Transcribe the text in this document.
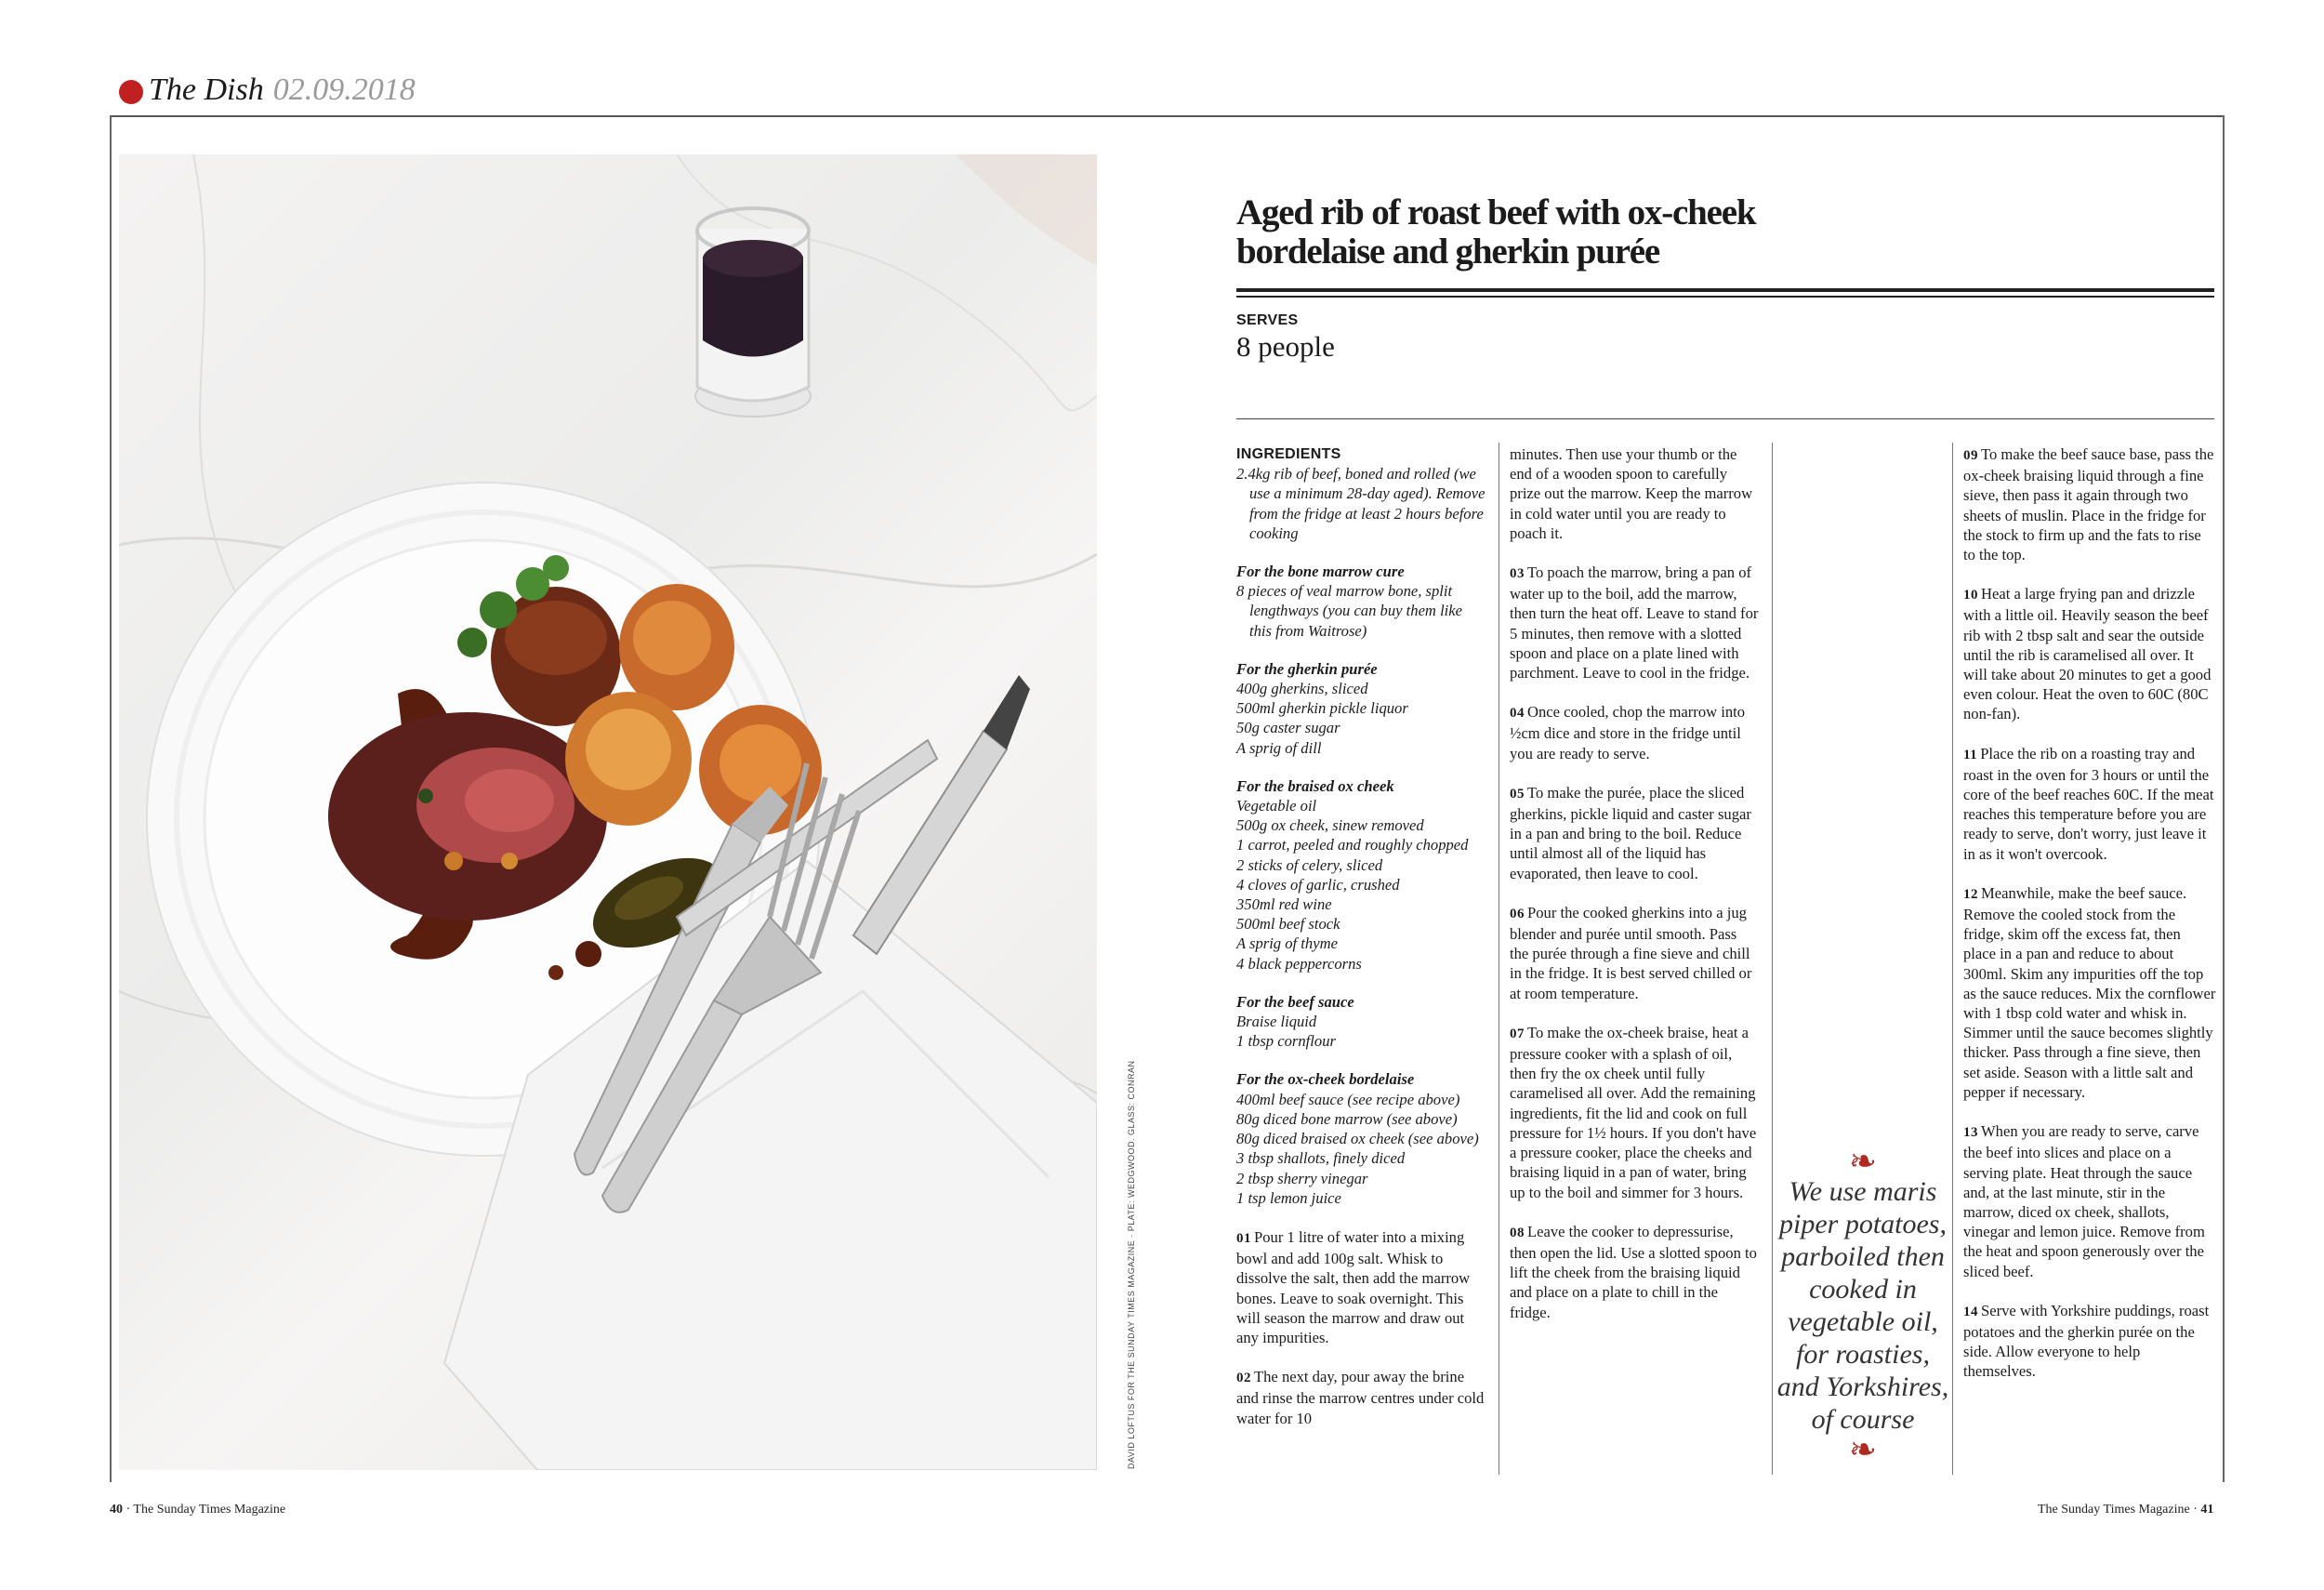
The Dish 02.09.2018
DAVID LOFTUS FOR THE SUNDAY TIMES MAGAZINE · PLATE: WEDGWOOD. GLASS: CONRAN
Aged rib of roast beef with ox-cheek bordelaise and gherkin purée
SERVES
8 people
INGREDIENTS
2.4kg rib of beef, boned and rolled (we use a minimum 28-day aged). Remove from the fridge at least 2 hours before cooking
For the bone marrow cure
8 pieces of veal marrow bone, split lengthways (you can buy them like this from Waitrose)
For the gherkin purée
400g gherkins, sliced
500ml gherkin pickle liquor
50g caster sugar
A sprig of dill
For the braised ox cheek
Vegetable oil
500g ox cheek, sinew removed
1 carrot, peeled and roughly chopped
2 sticks of celery, sliced
4 cloves of garlic, crushed
350ml red wine
500ml beef stock
A sprig of thyme
4 black peppercorns
For the beef sauce
Braise liquid
1 tbsp cornflour
For the ox-cheek bordelaise
400ml beef sauce (see recipe above)
80g diced bone marrow (see above)
80g diced braised ox cheek (see above)
3 tbsp shallots, finely diced
2 tbsp sherry vinegar
1 tsp lemon juice
01 Pour 1 litre of water into a mixing bowl and add 100g salt. Whisk to dissolve the salt, then add the marrow bones. Leave to soak overnight. This will season the marrow and draw out any impurities.
02 The next day, pour away the brine and rinse the marrow centres under cold water for 10
minutes. Then use your thumb or the end of a wooden spoon to carefully prize out the marrow. Keep the marrow in cold water until you are ready to poach it.
03 To poach the marrow, bring a pan of water up to the boil, add the marrow, then turn the heat off. Leave to stand for 5 minutes, then remove with a slotted spoon and place on a plate lined with parchment. Leave to cool in the fridge.
04 Once cooled, chop the marrow into ½cm dice and store in the fridge until you are ready to serve.
05 To make the purée, place the sliced gherkins, pickle liquid and caster sugar in a pan and bring to the boil. Reduce until almost all of the liquid has evaporated, then leave to cool.
06 Pour the cooked gherkins into a jug blender and purée until smooth. Pass the purée through a fine sieve and chill in the fridge. It is best served chilled or at room temperature.
07 To make the ox-cheek braise, heat a pressure cooker with a splash of oil, then fry the ox cheek until fully caramelised all over. Add the remaining ingredients, fit the lid and cook on full pressure for 1½ hours. If you don't have a pressure cooker, place the cheeks and braising liquid in a pan of water, bring up to the boil and simmer for 3 hours.
08 Leave the cooker to depressurise, then open the lid. Use a slotted spoon to lift the cheek from the braising liquid and place on a plate to chill in the fridge.
❧
We use maris piper potatoes, parboiled then cooked in vegetable oil, for roasties, and Yorkshires, of course
❧
09 To make the beef sauce base, pass the ox-cheek braising liquid through a fine sieve, then pass it again through two sheets of muslin. Place in the fridge for the stock to firm up and the fats to rise to the top.
10 Heat a large frying pan and drizzle with a little oil. Heavily season the beef rib with 2 tbsp salt and sear the outside until the rib is caramelised all over. It will take about 20 minutes to get a good even colour. Heat the oven to 60C (80C non-fan).
11 Place the rib on a roasting tray and roast in the oven for 3 hours or until the core of the beef reaches 60C. If the meat reaches this temperature before you are ready to serve, don't worry, just leave it in as it won't overcook.
12 Meanwhile, make the beef sauce. Remove the cooled stock from the fridge, skim off the excess fat, then place in a pan and reduce to about 300ml. Skim any impurities off the top as the sauce reduces. Mix the cornflower with 1 tbsp cold water and whisk in. Simmer until the sauce becomes slightly thicker. Pass through a fine sieve, then set aside. Season with a little salt and pepper if necessary.
13 When you are ready to serve, carve the beef into slices and place on a serving plate. Heat through the sauce and, at the last minute, stir in the marrow, diced ox cheek, shallots, vinegar and lemon juice. Remove from the heat and spoon generously over the sliced beef.
14 Serve with Yorkshire puddings, roast potatoes and the gherkin purée on the side. Allow everyone to help themselves.
40 · The Sunday Times Magazine	The Sunday Times Magazine · 41
